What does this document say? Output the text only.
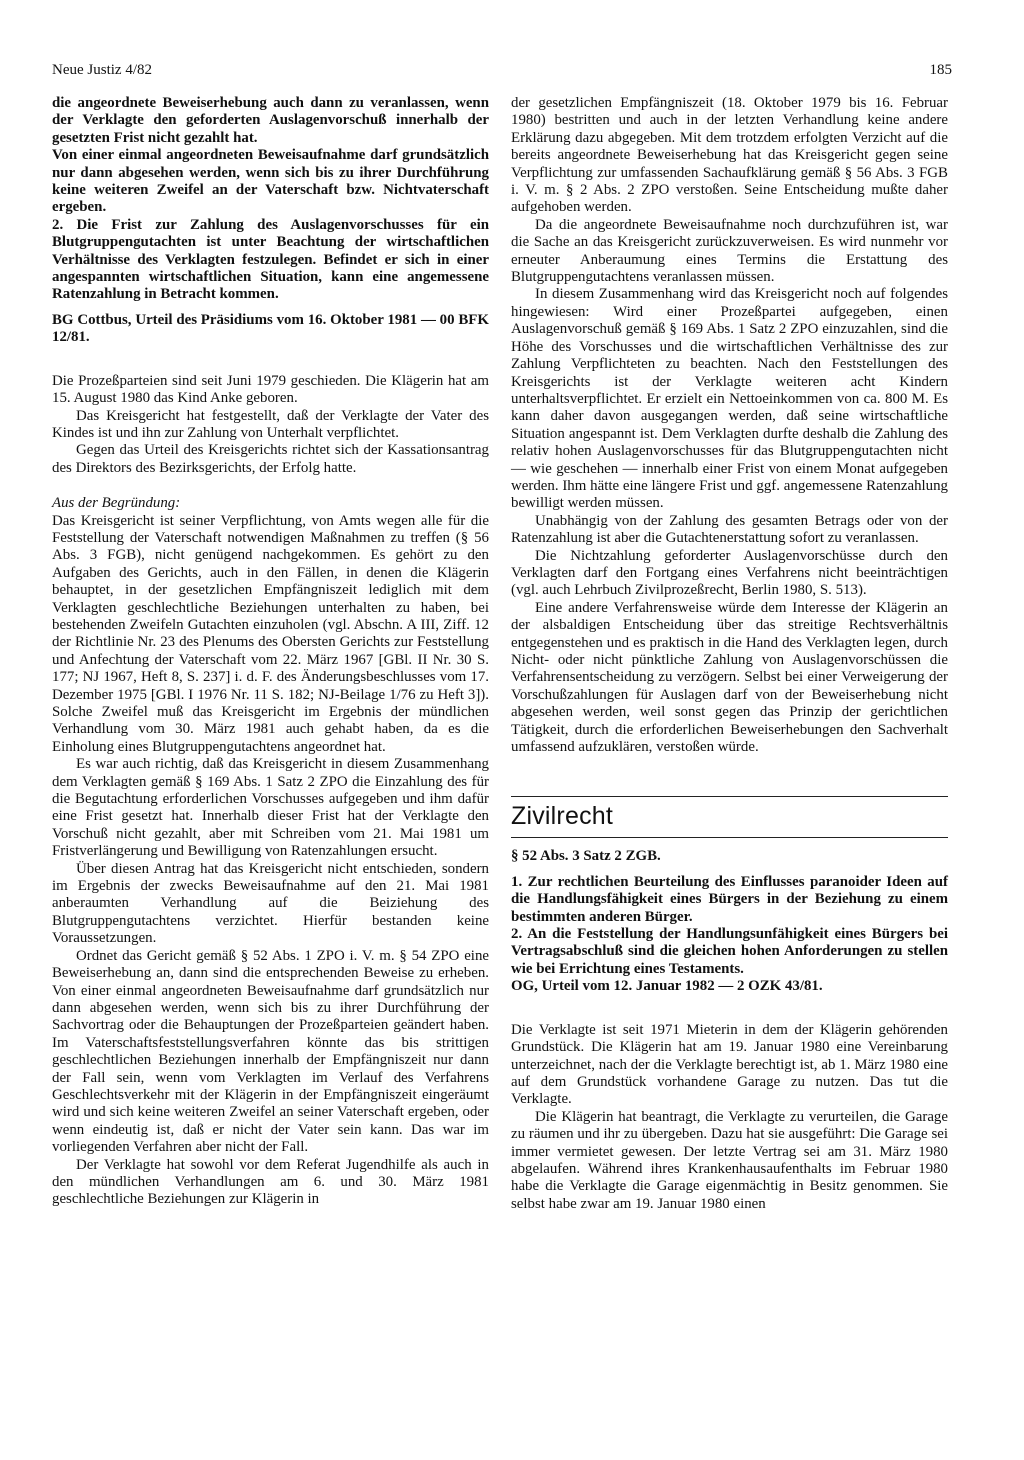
Neue Justiz 4/82	185

die angeordnete Beweiserhebung auch dann zu veranlassen, wenn der Verklagte den geforderten Auslagenvorschuß innerhalb der gesetzten Frist nicht gezahlt hat.

Von einer einmal angeordneten Beweisaufnahme darf grundsätzlich nur dann abgesehen werden, wenn sich bis zu ihrer Durchführung keine weiteren Zweifel an der Vaterschaft bzw. Nichtvaterschaft ergeben.

2. Die Frist zur Zahlung des Auslagenvorschusses für ein Blutgruppengutachten ist unter Beachtung der wirtschaftlichen Verhältnisse des Verklagten festzulegen. Befindet er sich in einer angespannten wirtschaftlichen Situation, kann eine angemessene Ratenzahlung in Betracht kommen.

BG Cottbus, Urteil des Präsidiums vom 16. Oktober 1981 — 00 BFK 12/81.

Die Prozeßparteien sind seit Juni 1979 geschieden. Die Klägerin hat am 15. August 1980 das Kind Anke geboren.

Das Kreisgericht hat festgestellt, daß der Verklagte der Vater des Kindes ist und ihn zur Zahlung von Unterhalt verpflichtet.

Gegen das Urteil des Kreisgerichts richtet sich der Kassationsantrag des Direktors des Bezirksgerichts, der Erfolg hatte.

Aus der Begründung:

Das Kreisgericht ist seiner Verpflichtung, von Amts wegen alle für die Feststellung der Vaterschaft notwendigen Maßnahmen zu treffen (§ 56 Abs. 3 FGB), nicht genügend nachgekommen. Es gehört zu den Aufgaben des Gerichts, auch in den Fällen, in denen die Klägerin behauptet, in der gesetzlichen Empfängniszeit lediglich mit dem Verklagten geschlechtliche Beziehungen unterhalten zu haben, bei bestehenden Zweifeln Gutachten einzuholen (vgl. Abschn. A III, Ziff. 12 der Richtlinie Nr. 23 des Plenums des Obersten Gerichts zur Feststellung und Anfechtung der Vaterschaft vom 22. März 1967 [GBl. II Nr. 30 S. 177; NJ 1967, Heft 8, S. 237] i. d. F. des Änderungsbeschlusses vom 17. Dezember 1975 [GBl. I 1976 Nr. 11 S. 182; NJ-Beilage 1/76 zu Heft 3]). Solche Zweifel muß das Kreisgericht im Ergebnis der mündlichen Verhandlung vom 30. März 1981 auch gehabt haben, da es die Einholung eines Blutgruppengutachtens angeordnet hat.

Es war auch richtig, daß das Kreisgericht in diesem Zusammenhang dem Verklagten gemäß § 169 Abs. 1 Satz 2 ZPO die Einzahlung des für die Begutachtung erforderlichen Vorschusses aufgegeben und ihm dafür eine Frist gesetzt hat. Innerhalb dieser Frist hat der Verklagte den Vorschuß nicht gezahlt, aber mit Schreiben vom 21. Mai 1981 um Fristverlängerung und Bewilligung von Ratenzahlungen ersucht.

Über diesen Antrag hat das Kreisgericht nicht entschieden, sondern im Ergebnis der zwecks Beweisaufnahme auf den 21. Mai 1981 anberaumten Verhandlung auf die Beiziehung des Blutgruppengutachtens verzichtet. Hierfür bestanden keine Voraussetzungen.

Ordnet das Gericht gemäß § 52 Abs. 1 ZPO i. V. m. § 54 ZPO eine Beweiserhebung an, dann sind die entsprechenden Beweise zu erheben. Von einer einmal angeordneten Beweisaufnahme darf grundsätzlich nur dann abgesehen werden, wenn sich bis zu ihrer Durchführung der Sachvortrag oder die Behauptungen der Prozeßparteien geändert haben. Im Vaterschaftsfeststellungsverfahren könnte das bis strittigen geschlechtlichen Beziehungen innerhalb der Empfängniszeit nur dann der Fall sein, wenn vom Verklagten im Verlauf des Verfahrens Geschlechtsverkehr mit der Klägerin in der Empfängniszeit eingeräumt wird und sich keine weiteren Zweifel an seiner Vaterschaft ergeben, oder wenn eindeutig ist, daß er nicht der Vater sein kann. Das war im vorliegenden Verfahren aber nicht der Fall.

Der Verklagte hat sowohl vor dem Referat Jugendhilfe als auch in den mündlichen Verhandlungen am 6. und 30. März 1981 geschlechtliche Beziehungen zur Klägerin in

der gesetzlichen Empfängniszeit (18. Oktober 1979 bis 16. Februar 1980) bestritten und auch in der letzten Verhandlung keine andere Erklärung dazu abgegeben. Mit dem trotzdem erfolgten Verzicht auf die bereits angeordnete Beweiserhebung hat das Kreisgericht gegen seine Verpflichtung zur umfassenden Sachaufklärung gemäß § 56 Abs. 3 FGB i. V. m. § 2 Abs. 2 ZPO verstoßen. Seine Entscheidung mußte daher aufgehoben werden.

Da die angeordnete Beweisaufnahme noch durchzuführen ist, war die Sache an das Kreisgericht zurückzuverweisen. Es wird nunmehr vor erneuter Anberaumung eines Termins die Erstattung des Blutgruppengutachtens veranlassen müssen.

In diesem Zusammenhang wird das Kreisgericht noch auf folgendes hingewiesen: Wird einer Prozeßpartei aufgegeben, einen Auslagenvorschuß gemäß § 169 Abs. 1 Satz 2 ZPO einzuzahlen, sind die Höhe des Vorschusses und die wirtschaftlichen Verhältnisse des zur Zahlung Verpflichteten zu beachten. Nach den Feststellungen des Kreisgerichts ist der Verklagte weiteren acht Kindern unterhaltsverpflichtet. Er erzielt ein Nettoeinkommen von ca. 800 M. Es kann daher davon ausgegangen werden, daß seine wirtschaftliche Situation angespannt ist. Dem Verklagten durfte deshalb die Zahlung des relativ hohen Auslagenvorschusses für das Blutgruppengutachten nicht — wie geschehen — innerhalb einer Frist von einem Monat aufgegeben werden. Ihm hätte eine längere Frist und ggf. angemessene Ratenzahlung bewilligt werden müssen.

Unabhängig von der Zahlung des gesamten Betrags oder von der Ratenzahlung ist aber die Gutachtenerstattung sofort zu veranlassen.

Die Nichtzahlung geforderter Auslagenvorschüsse durch den Verklagten darf den Fortgang eines Verfahrens nicht beeinträchtigen (vgl. auch Lehrbuch Zivilprozeßrecht, Berlin 1980, S. 513).

Eine andere Verfahrensweise würde dem Interesse der Klägerin an der alsbaldigen Entscheidung über das streitige Rechtsverhältnis entgegenstehen und es praktisch in die Hand des Verklagten legen, durch Nicht- oder nicht pünktliche Zahlung von Auslagenvorschüssen die Verfahrensentscheidung zu verzögern. Selbst bei einer Verweigerung der Vorschußzahlungen für Auslagen darf von der Beweiserhebung nicht abgesehen werden, weil sonst gegen das Prinzip der gerichtlichen Tätigkeit, durch die erforderlichen Beweiserhebungen den Sachverhalt umfassend aufzuklären, verstoßen würde.

Zivilrecht

§ 52 Abs. 3 Satz 2 ZGB.

1. Zur rechtlichen Beurteilung des Einflusses paranoider Ideen auf die Handlungsfähigkeit eines Bürgers in der Beziehung zu einem bestimmten anderen Bürger.

2. An die Feststellung der Handlungsunfähigkeit eines Bürgers bei Vertragsabschluß sind die gleichen hohen Anforderungen zu stellen wie bei Errichtung eines Testaments.

OG, Urteil vom 12. Januar 1982 — 2 OZK 43/81.

Die Verklagte ist seit 1971 Mieterin in dem der Klägerin gehörenden Grundstück. Die Klägerin hat am 19. Januar 1980 eine Vereinbarung unterzeichnet, nach der die Verklagte berechtigt ist, ab 1. März 1980 eine auf dem Grundstück vorhandene Garage zu nutzen. Das tut die Verklagte.

Die Klägerin hat beantragt, die Verklagte zu verurteilen, die Garage zu räumen und ihr zu übergeben. Dazu hat sie ausgeführt: Die Garage sei immer vermietet gewesen. Der letzte Vertrag sei am 31. März 1980 abgelaufen. Während ihres Krankenhausaufenthalts im Februar 1980 habe die Verklagte die Garage eigenmächtig in Besitz genommen. Sie selbst habe zwar am 19. Januar 1980 einen
